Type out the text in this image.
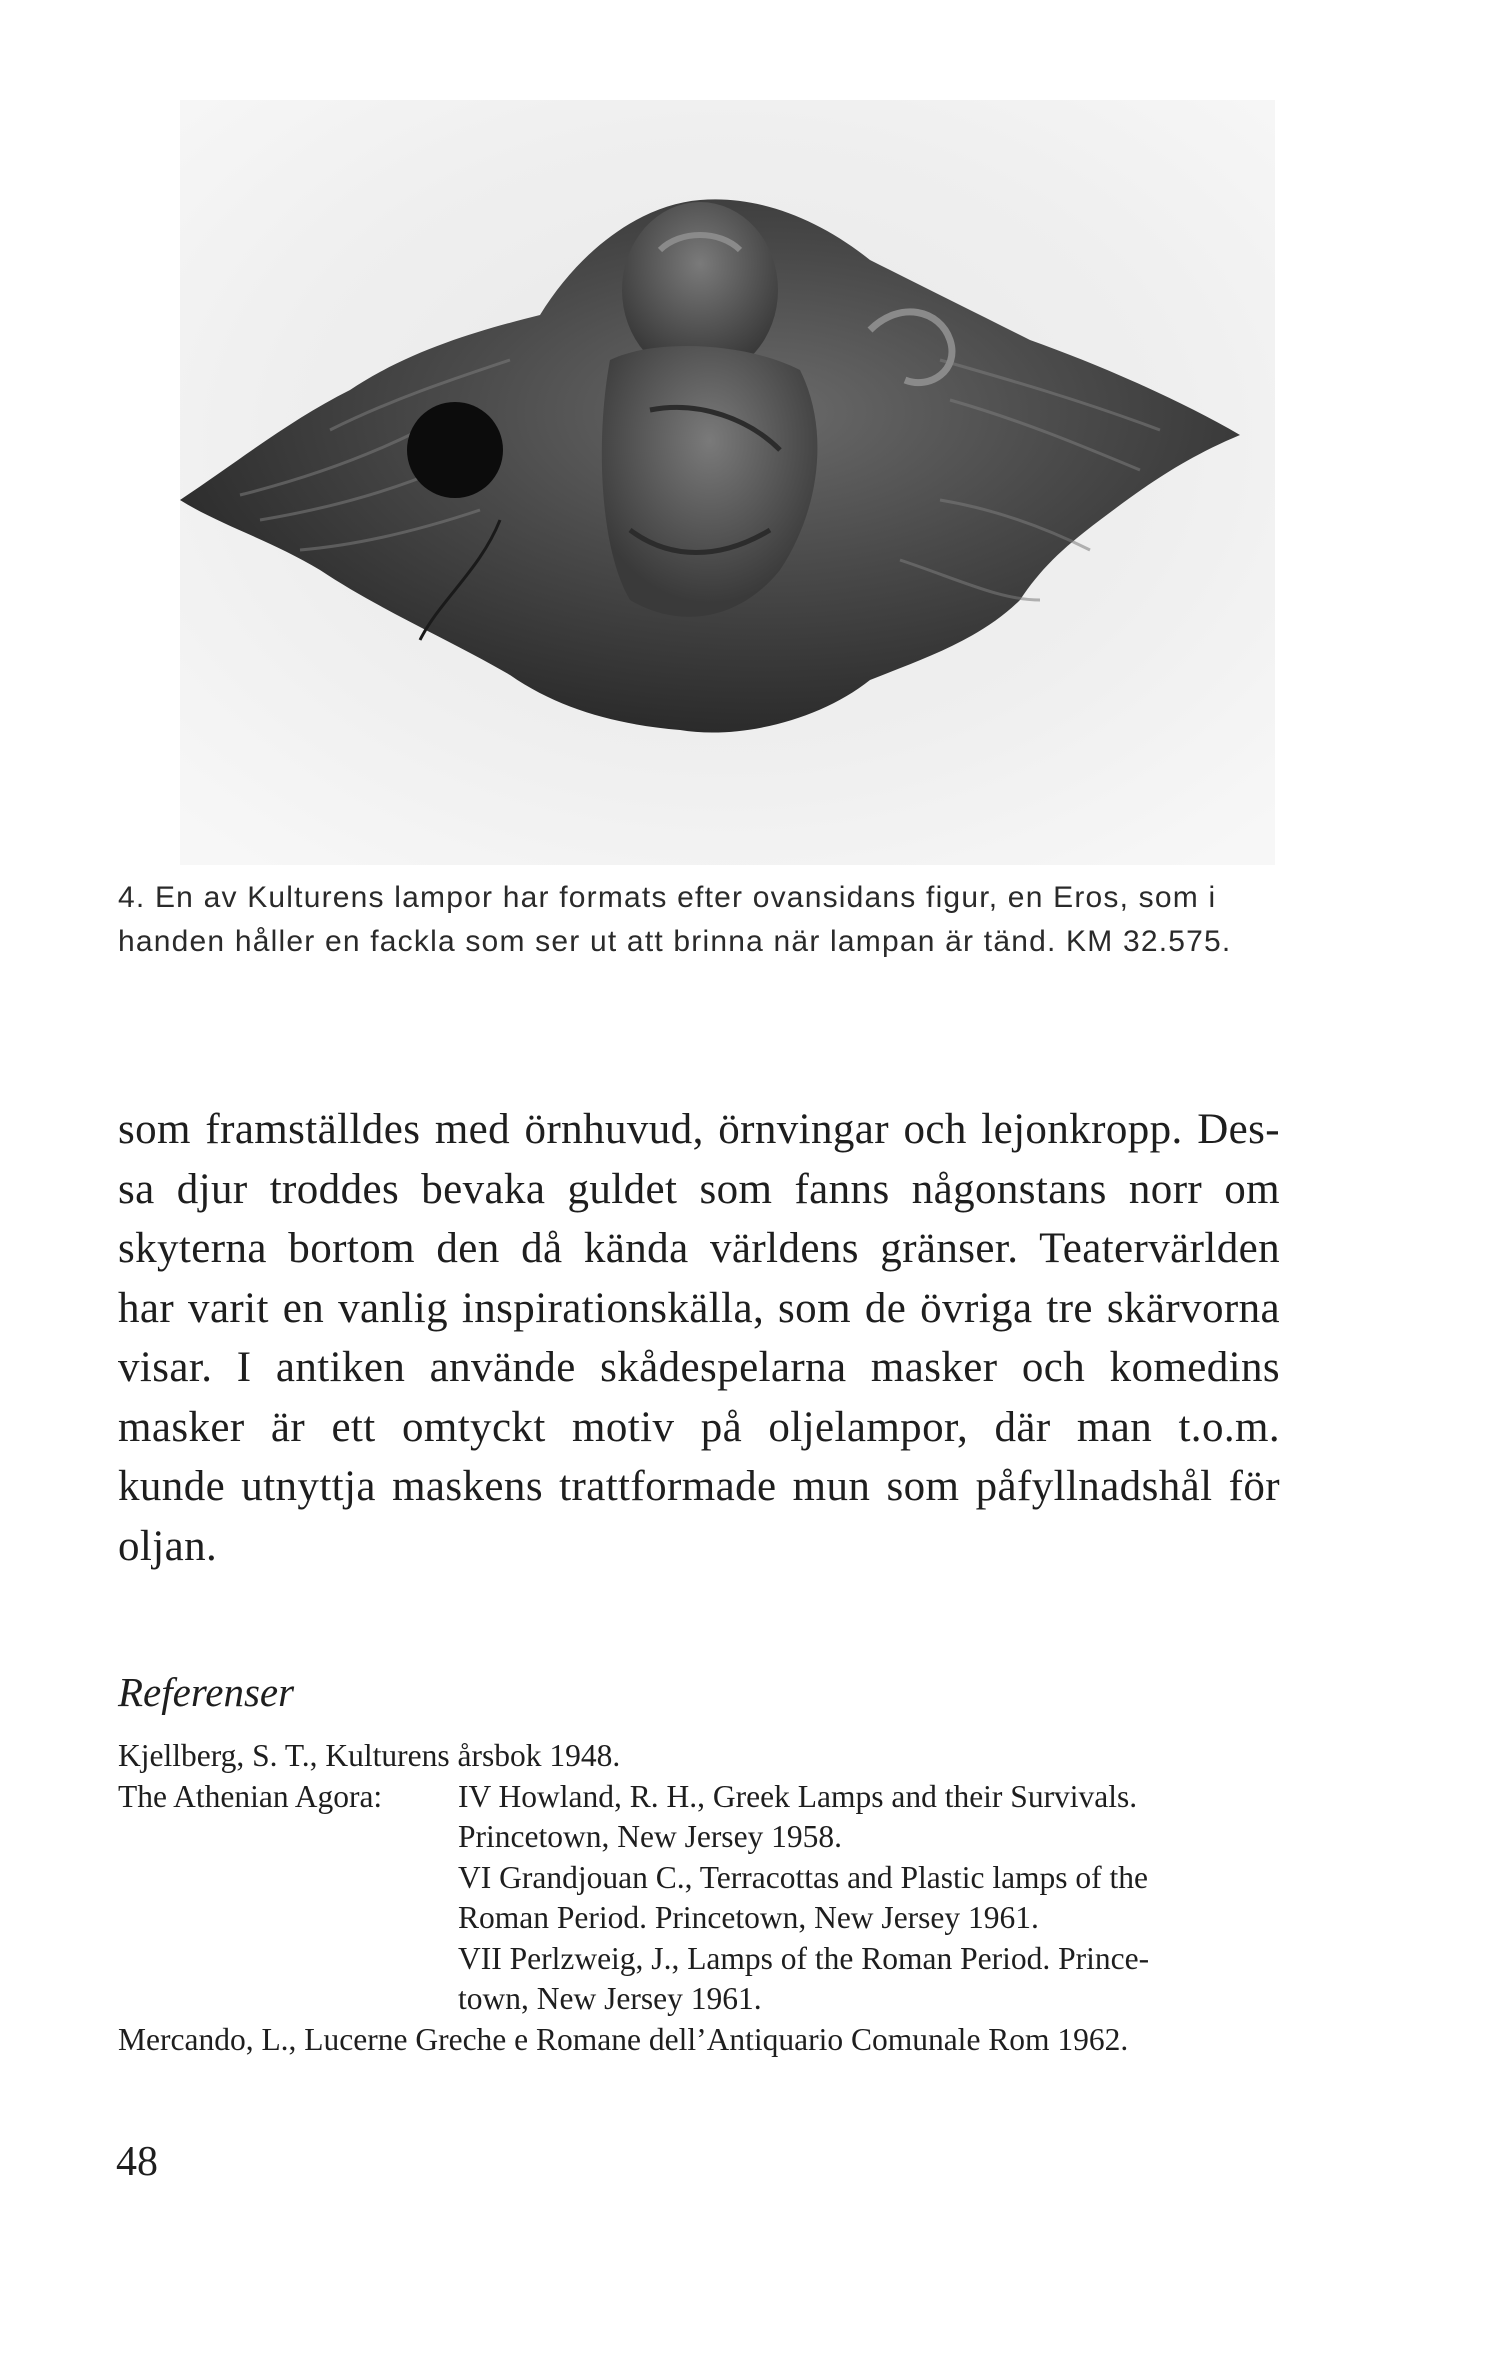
4. En av Kulturens lampor har formats efter ovansidans figur, en Eros, som i

handen håller en fackla som ser ut att brinna när lampan är tänd. KM 32.575.

som framställdes med örnhuvud, örnvingar och lejonkropp. Des-

sa djur troddes bevaka guldet som fanns någonstans norr om

skyterna bortom den då kända världens gränser. Teatervärlden

har varit en vanlig inspirationskälla, som de övriga tre skärvorna

visar. I antiken använde skådespelarna masker och komedins

masker är ett omtyckt motiv på oljelampor, där man t.o.m.

kunde utnyttja maskens trattformade mun som påfyllnadshål för

oljan.

Referenser
Kjellberg, S. T., Kulturens årsbok 1948.
The Athenian Agora:	IV Howland, R. H., Greek Lamps and their Survivals.
Princetown, New Jersey 1958.
VI Grandjouan C., Terracottas and Plastic lamps of the
Roman Period. Princetown, New Jersey 1961.
VII Perlzweig, J., Lamps of the Roman Period. Prince-
town, New Jersey 1961.
Mercando, L., Lucerne Greche e Romane dell’Antiquario Comunale Rom 1962.
48
